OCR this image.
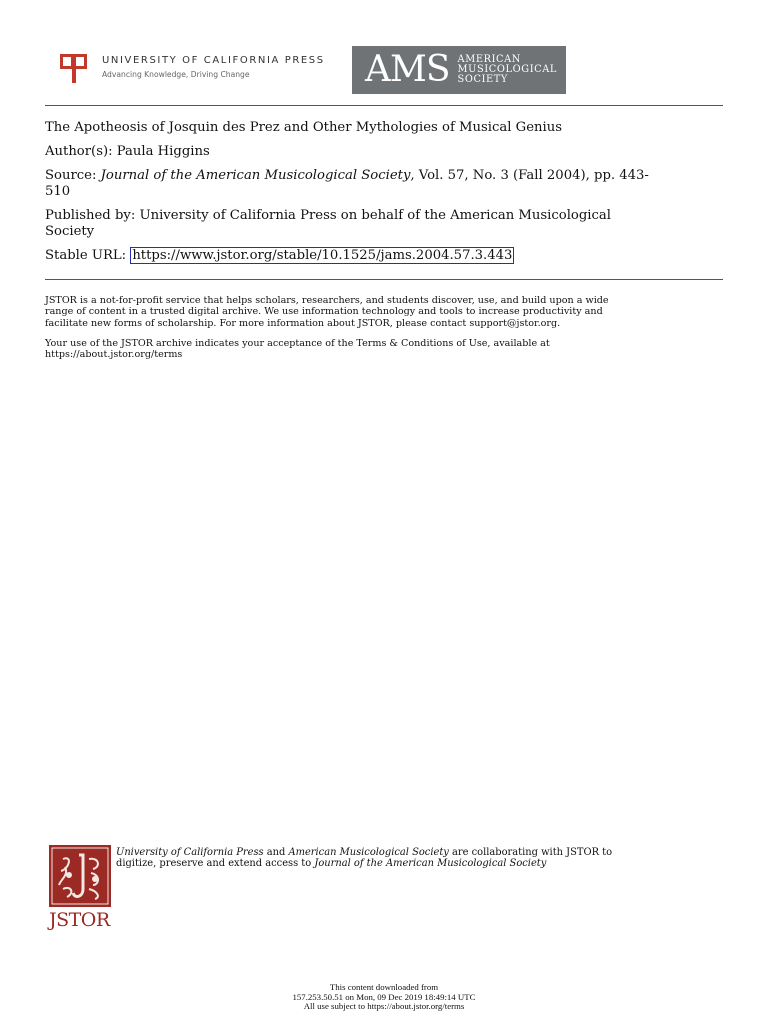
UNIVERSITY OF CALIFORNIA PRESS
Advancing Knowledge, Driving Change	AMS AMERICAN
MUSICOLOGICAL
SOCIETY

The Apotheosis of Josquin des Prez and Other Mythologies of Musical Genius

Author(s): Paula Higgins

Source: Journal of the American Musicological Society, Vol. 57, No. 3 (Fall 2004), pp. 443-
510

Published by: University of California Press on behalf of the American Musicological
Society

Stable URL: https://www.jstor.org/stable/10.1525/jams.2004.57.3.443

JSTOR is a not-for-profit service that helps scholars, researchers, and students discover, use, and build upon a wide
range of content in a trusted digital archive. We use information technology and tools to increase productivity and
facilitate new forms of scholarship. For more information about JSTOR, please contact support@jstor.org.

Your use of the JSTOR archive indicates your acceptance of the Terms & Conditions of Use, available at
https://about.jstor.org/terms

JSTOR
University of California Press and American Musicological Society are collaborating with JSTOR to
digitize, preserve and extend access to Journal of the American Musicological Society
This content downloaded from
157.253.50.51 on Mon, 09 Dec 2019 18:49:14 UTC
All use subject to https://about.jstor.org/terms
